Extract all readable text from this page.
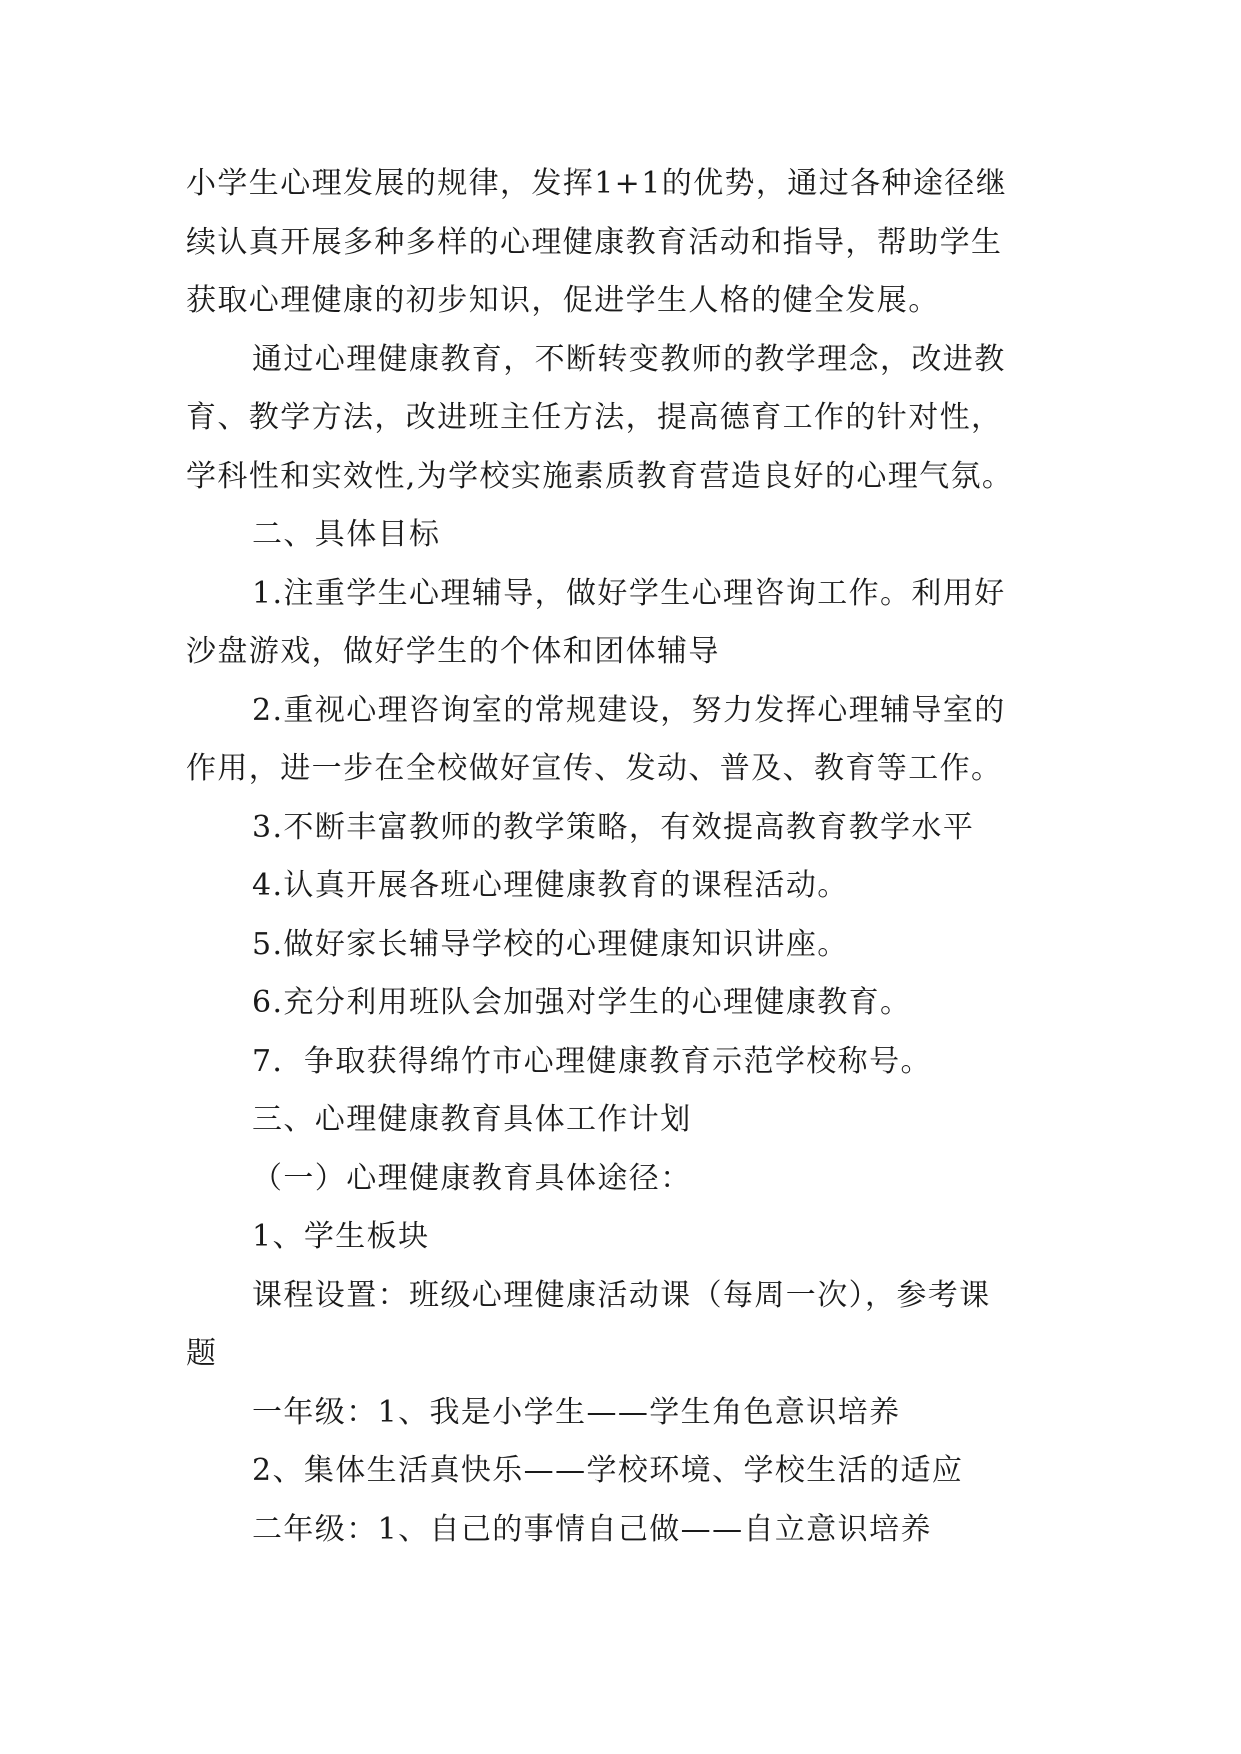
小学生心理发展的规律，发挥1+1的优势，通过各种途径继
续认真开展多种多样的心理健康教育活动和指导，帮助学生
获取心理健康的初步知识，促进学生人格的健全发展。
通过心理健康教育，不断转变教师的教学理念，改进教
育、教学方法，改进班主任方法，提高德育工作的针对性，
学科性和实效性,为学校实施素质教育营造良好的心理气氛。
二、具体目标
1.注重学生心理辅导，做好学生心理咨询工作。利用好
沙盘游戏，做好学生的个体和团体辅导
2.重视心理咨询室的常规建设，努力发挥心理辅导室的
作用，进一步在全校做好宣传、发动、普及、教育等工作。
3.不断丰富教师的教学策略，有效提高教育教学水平
4.认真开展各班心理健康教育的课程活动。
5.做好家长辅导学校的心理健康知识讲座。
6.充分利用班队会加强对学生的心理健康教育。
7．争取获得绵竹市心理健康教育示范学校称号。
三、心理健康教育具体工作计划
（一）心理健康教育具体途径：
1、学生板块
课程设置：班级心理健康活动课（每周一次），参考课
题
一年级：1、我是小学生——学生角色意识培养
2、集体生活真快乐——学校环境、学校生活的适应
二年级：1、自己的事情自己做——自立意识培养
